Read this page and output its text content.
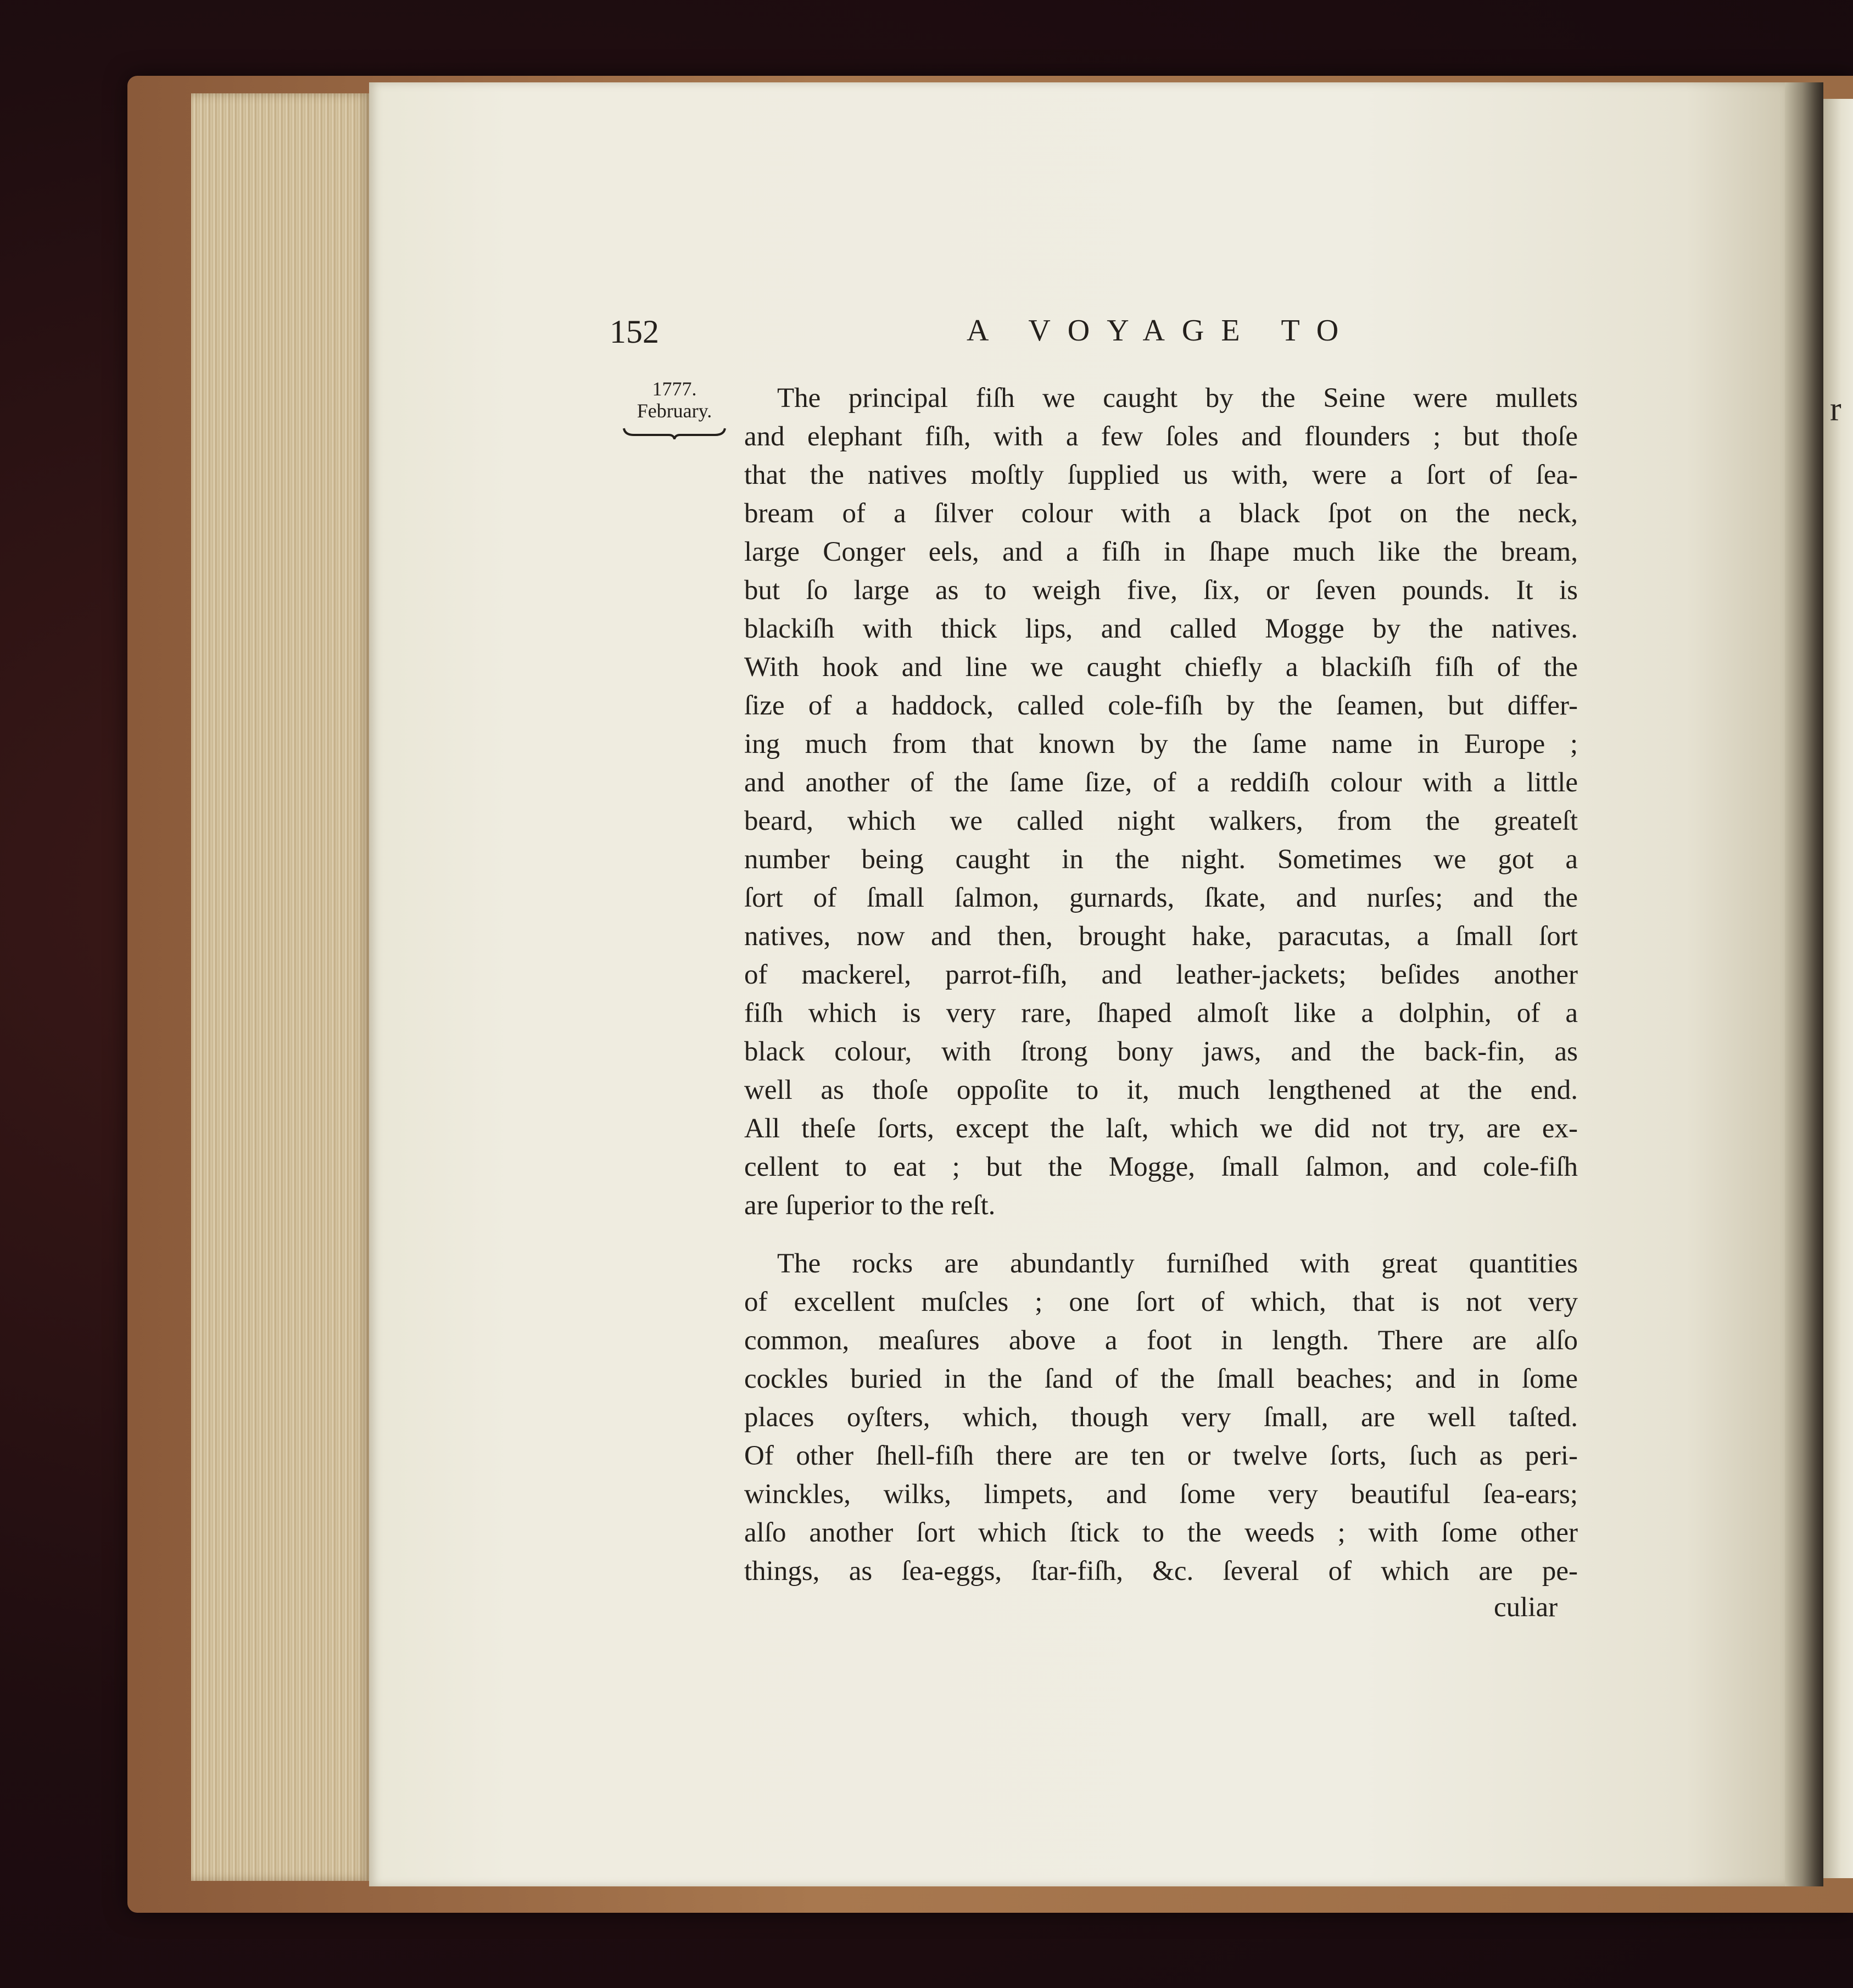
r
152	A VOYAGE TO
1777.
February.	The principal fiſh we caught by the Seine were mullets
and elephant fiſh, with a few ſoles and flounders ; but thoſe
that the natives moſtly ſupplied us with, were a ſort of ſea-
bream of a ſilver colour with a black ſpot on the neck,
large Conger eels, and a fiſh in ſhape much like the bream,
but ſo large as to weigh five, ſix, or ſeven pounds. It is
blackiſh with thick lips, and called Mogge by the natives.
With hook and line we caught chiefly a blackiſh fiſh of the
ſize of a haddock, called cole-fiſh by the ſeamen, but differ-
ing much from that known by the ſame name in Europe ;
and another of the ſame ſize, of a reddiſh colour with a little
beard, which we called night walkers, from the greateſt
number being caught in the night. Sometimes we got a
ſort of ſmall ſalmon, gurnards, ſkate, and nurſes; and the
natives, now and then, brought hake, paracutas, a ſmall ſort
of mackerel, parrot-fiſh, and leather-jackets; beſides another
fiſh which is very rare, ſhaped almoſt like a dolphin, of a
black colour, with ſtrong bony jaws, and the back-fin, as
well as thoſe oppoſite to it, much lengthened at the end.
All theſe ſorts, except the laſt, which we did not try, are ex-
cellent to eat ; but the Mogge, ſmall ſalmon, and cole-fiſh
are ſuperior to the reſt.
The rocks are abundantly furniſhed with great quantities
of excellent muſcles ; one ſort of which, that is not very
common, meaſures above a foot in length. There are alſo
cockles buried in the ſand of the ſmall beaches; and in ſome
places oyſters, which, though very ſmall, are well taſted.
Of other ſhell-fiſh there are ten or twelve ſorts, ſuch as peri-
winckles, wilks, limpets, and ſome very beautiful ſea-ears;
alſo another ſort which ſtick to the weeds ; with ſome other
things, as ſea-eggs, ſtar-fiſh, &c. ſeveral of which are pe-
culiar
